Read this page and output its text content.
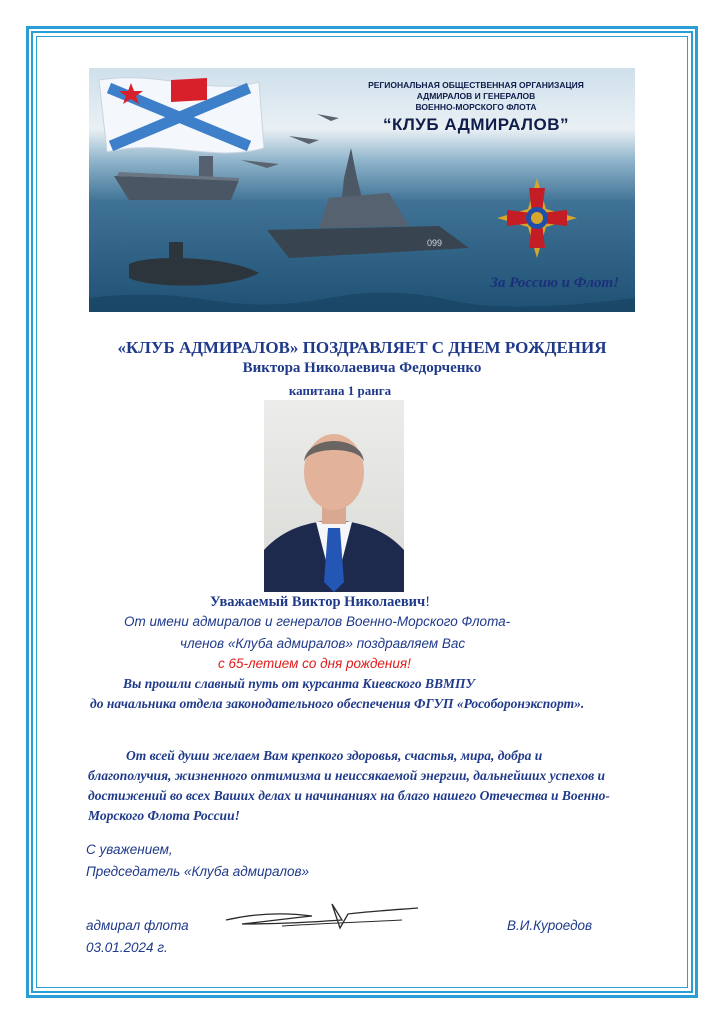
099
РЕГИОНАЛЬНАЯ ОБЩЕСТВЕННАЯ ОРГАНИЗАЦИЯ
АДМИРАЛОВ И ГЕНЕРАЛОВ
ВОЕННО-МОРСКОГО ФЛОТА
“КЛУБ АДМИРАЛОВ”
За Россию и Флот!
«КЛУБ АДМИРАЛОВ» ПОЗДРАВЛЯЕТ С ДНЕМ РОЖДЕНИЯ
Виктора Николаевича Федорченко
капитана 1 ранга
Уважаемый Виктор Николаевич!
От имени адмиралов и генералов Военно-Морского Флота-
членов «Клуба адмиралов» поздравляем Вас
с 65-летием со дня рождения!
Вы прошли славный путь от курсанта Киевского ВВМПУ
до начальника отдела законодательного обеспечения ФГУП «Рособоронэкспорт».
От всей души желаем Вам крепкого здоровья, счастья, мира, добра и
благополучия, жизненного оптимизма и неиссякаемой энергии, дальнейших успехов и достижений во всех Ваших делах и начинаниях на благо нашего Отечества и Военно-Морского Флота России!
С уважением,
Председатель «Клуба адмиралов»
адмирал флота
03.01.2024 г.
В.И.Куроедов
